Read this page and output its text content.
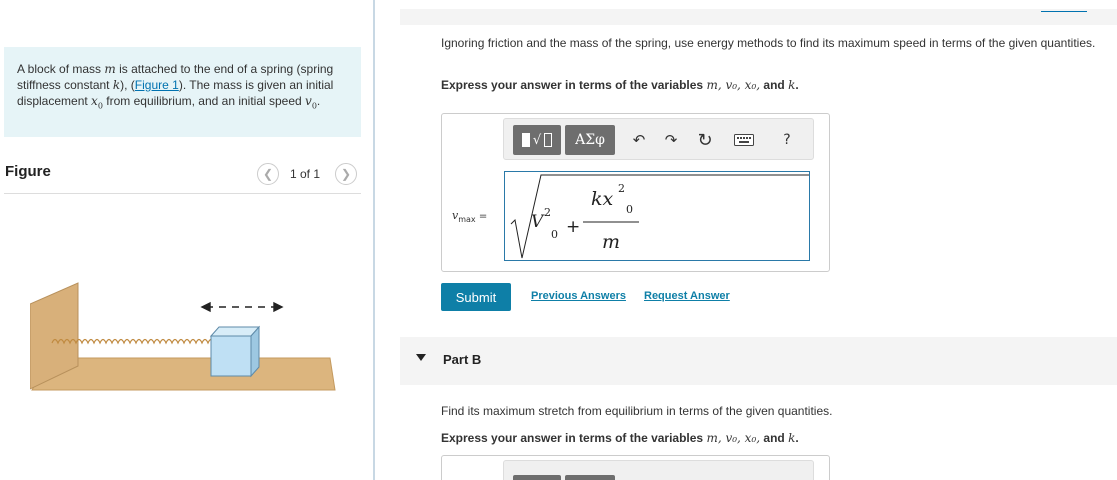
A block of mass m is attached to the end of a spring (spring stiffness constant k), (Figure 1). The mass is given an initial displacement $x_0$ from equilibrium, and an initial speed $v_0$.
Figure	❮	1 of 1	❯
Ignoring friction and the mass of the spring, use energy methods to find its maximum speed in terms of the given quantities.
Express your answer in terms of the variables m, v₀, x₀, and k.
√	ΑΣφ	↶ ↷ ↻	?
$v_{max}$ =	V 2
0 +
kx 2
0
m
Submit	Previous Answers Request Answer
Part B
Find its maximum stretch from equilibrium in terms of the given quantities.
Express your answer in terms of the variables m, v₀, x₀, and k.
